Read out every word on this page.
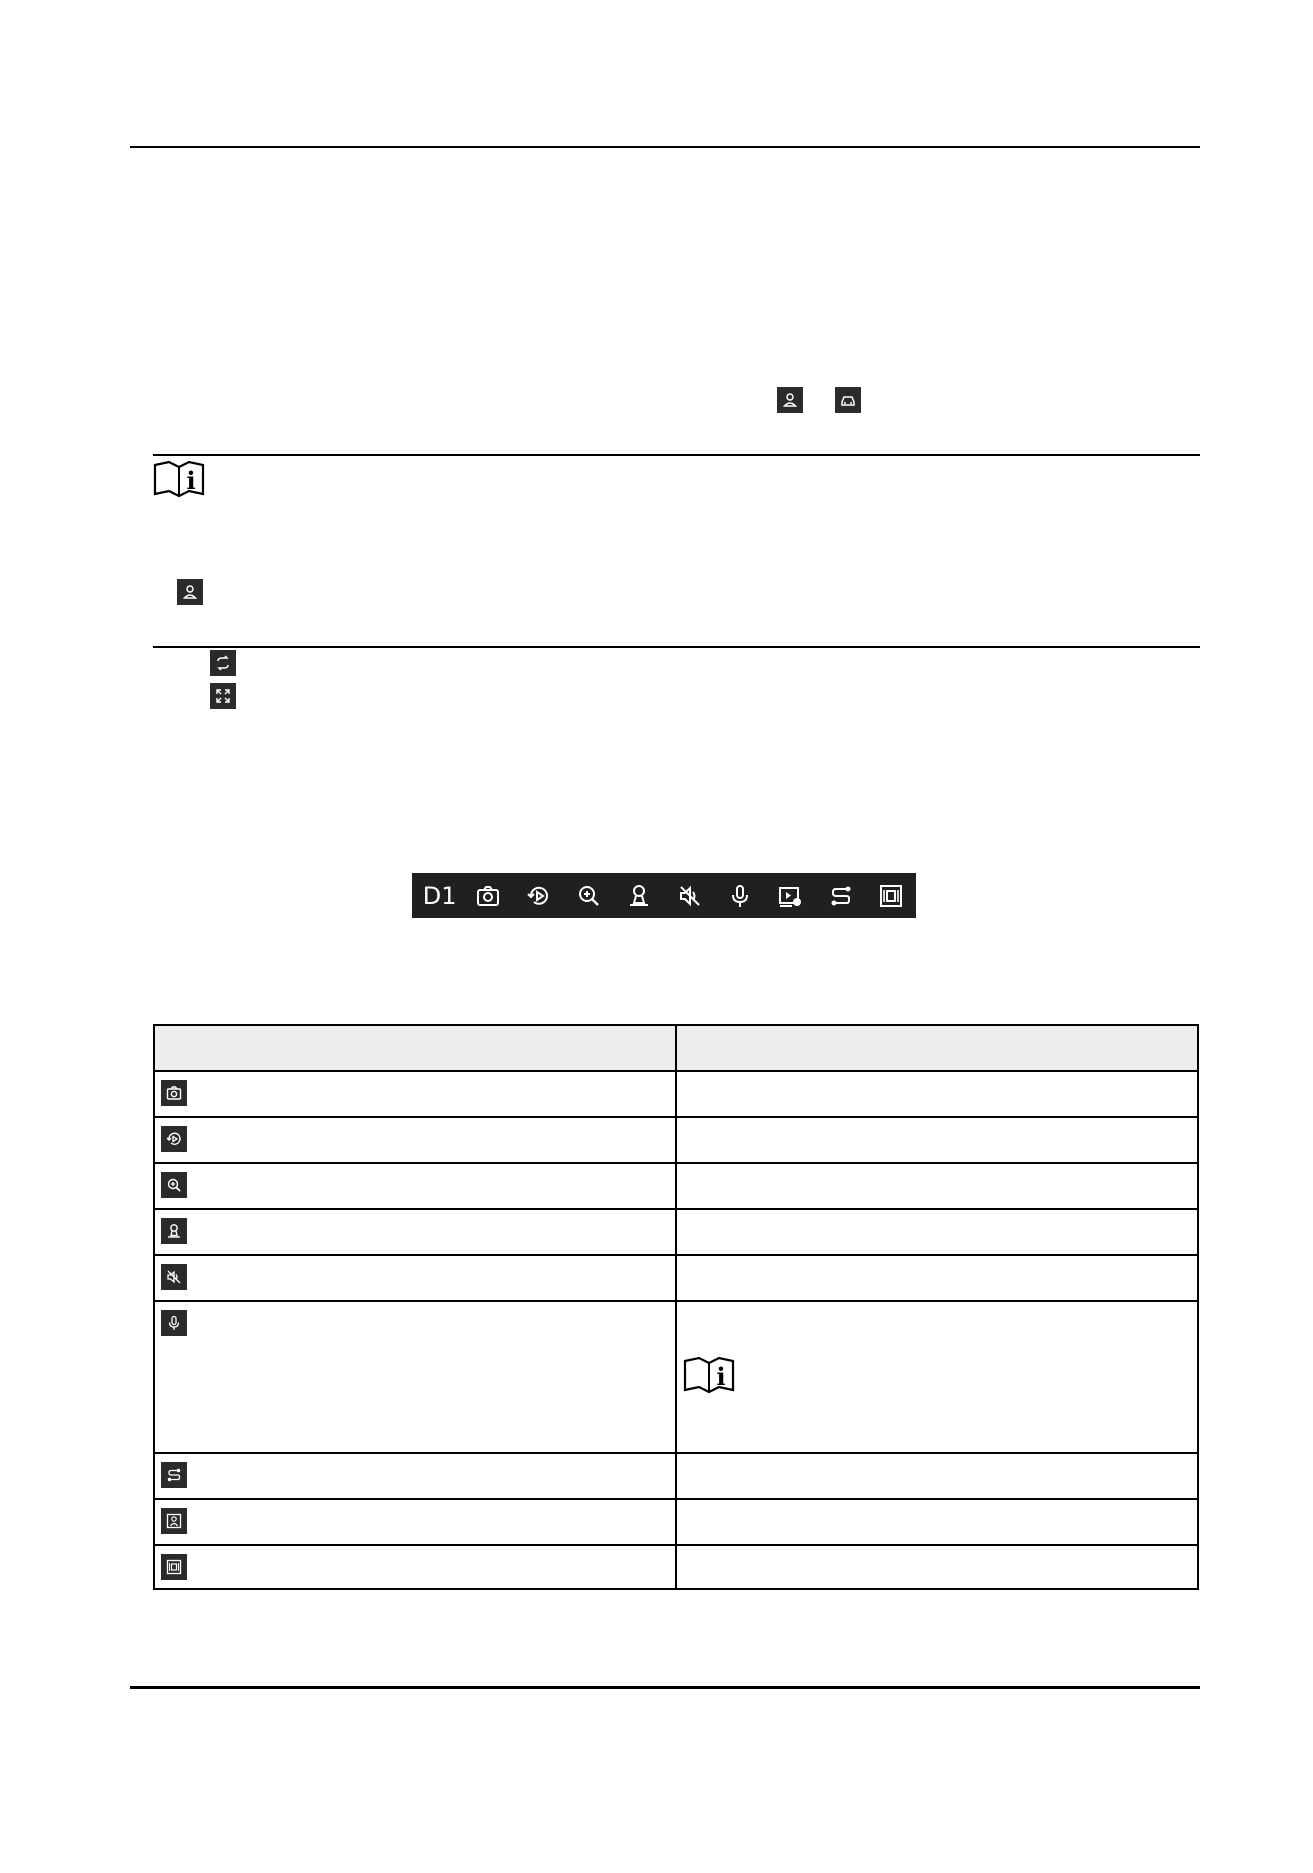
i
D1

i
